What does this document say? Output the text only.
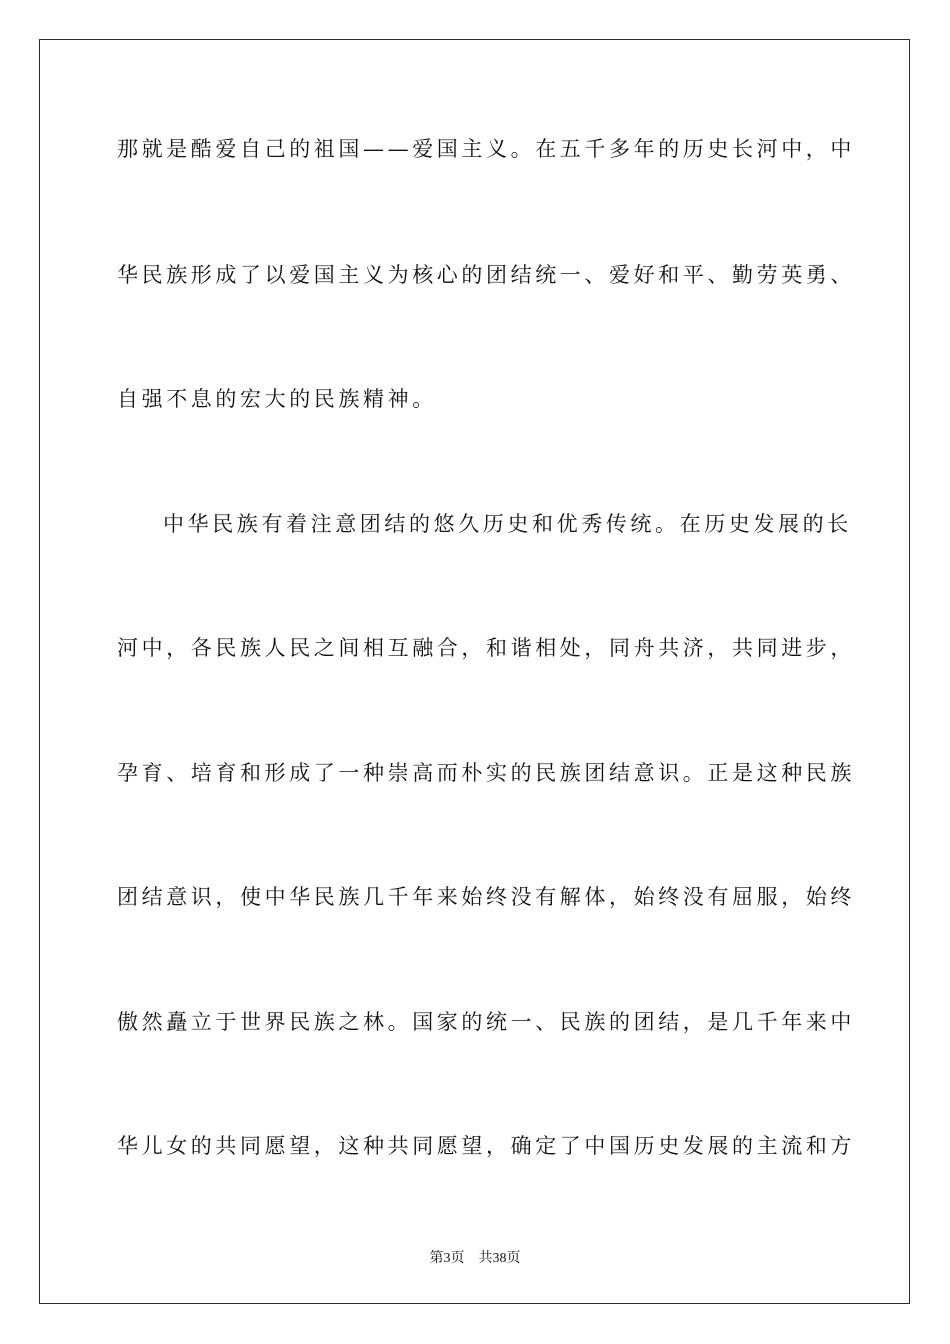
那就是酷爱自己的祖国——爱国主义。在五千多年的历史长河中，中
华民族形成了以爱国主义为核心的团结统一、爱好和平、勤劳英勇、
自强不息的宏大的民族精神。
中华民族有着注意团结的悠久历史和优秀传统。在历史发展的长
河中，各民族人民之间相互融合，和谐相处，同舟共济，共同进步，
孕育、培育和形成了一种崇高而朴实的民族团结意识。正是这种民族
团结意识，使中华民族几千年来始终没有解体，始终没有屈服，始终
傲然矗立于世界民族之林。国家的统一、民族的团结，是几千年来中
华儿女的共同愿望，这种共同愿望，确定了中国历史发展的主流和方
第3页 共38页
